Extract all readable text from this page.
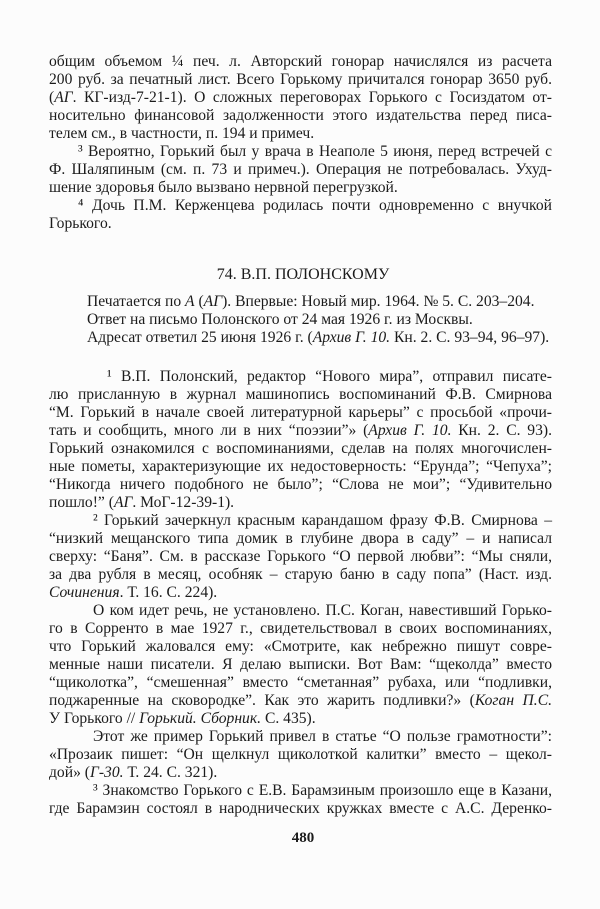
общим объемом ¼ печ. л. Авторский гонорар начислялся из расчета
200 руб. за печатный лист. Всего Горькому причитался гонорар 3650 руб.
(АГ. КГ-изд-7-21-1). О сложных переговорах Горького с Госиздатом от-
носительно финансовой задолженности этого издательства перед писа-
телем см., в частности, п. 194 и примеч.
³ Вероятно, Горький был у врача в Неаполе 5 июня, перед встречей с
Ф. Шаляпиным (см. п. 73 и примеч.). Операция не потребовалась. Ухуд-
шение здоровья было вызвано нервной перегрузкой.
⁴ Дочь П.М. Керженцева родилась почти одновременно с внучкой
Горького.
74. В.П. ПОЛОНСКОМУ
Печатается по А (АГ). Впервые: Новый мир. 1964. № 5. С. 203–204.
Ответ на письмо Полонского от 24 мая 1926 г. из Москвы.
Адресат ответил 25 июня 1926 г. (Архив Г. 10. Кн. 2. С. 93–94, 96–97).
¹ В.П. Полонский, редактор “Нового мира”, отправил писате-
лю присланную в журнал машинопись воспоминаний Ф.В. Смирнова
“М. Горький в начале своей литературной карьеры” с просьбой «прочи-
тать и сообщить, много ли в них “поэзии”» (Архив Г. 10. Кн. 2. С. 93).
Горький ознакомился с воспоминаниями, сделав на полях многочислен-
ные пометы, характеризующие их недостоверность: “Ерунда”; “Чепуха”;
“Никогда ничего подобного не было”; “Слова не мои”; “Удивительно
пошло!” (АГ. МоГ-12-39-1).
² Горький зачеркнул красным карандашом фразу Ф.В. Смирнова –
“низкий мещанского типа домик в глубине двора в саду” – и написал
сверху: “Баня”. См. в рассказе Горького “О первой любви”: “Мы сняли,
за два рубля в месяц, особняк – старую баню в саду попа” (Наст. изд.
Сочинения. Т. 16. С. 224).
О ком идет речь, не установлено. П.С. Коган, навестивший Горько-
го в Сорренто в мае 1927 г., свидетельствовал в своих воспоминаниях,
что Горький жаловался ему: «Смотрите, как небрежно пишут совре-
менные наши писатели. Я делаю выписки. Вот Вам: “щеколда” вместо
“щиколотка”, “смешенная” вместо “сметанная” рубаха, или “подливки,
поджаренные на сковородке”. Как это жарить подливки?» (Коган П.С.
У Горького // Горький. Сборник. С. 435).
Этот же пример Горький привел в статье “О пользе грамотности”:
«Прозаик пишет: “Он щелкнул щиколоткой калитки” вместо – щекол-
дой» (Г-30. Т. 24. С. 321).
³ Знакомство Горького с Е.В. Барамзиным произошло еще в Казани,
где Барамзин состоял в народнических кружках вместе с А.С. Деренко-
480
